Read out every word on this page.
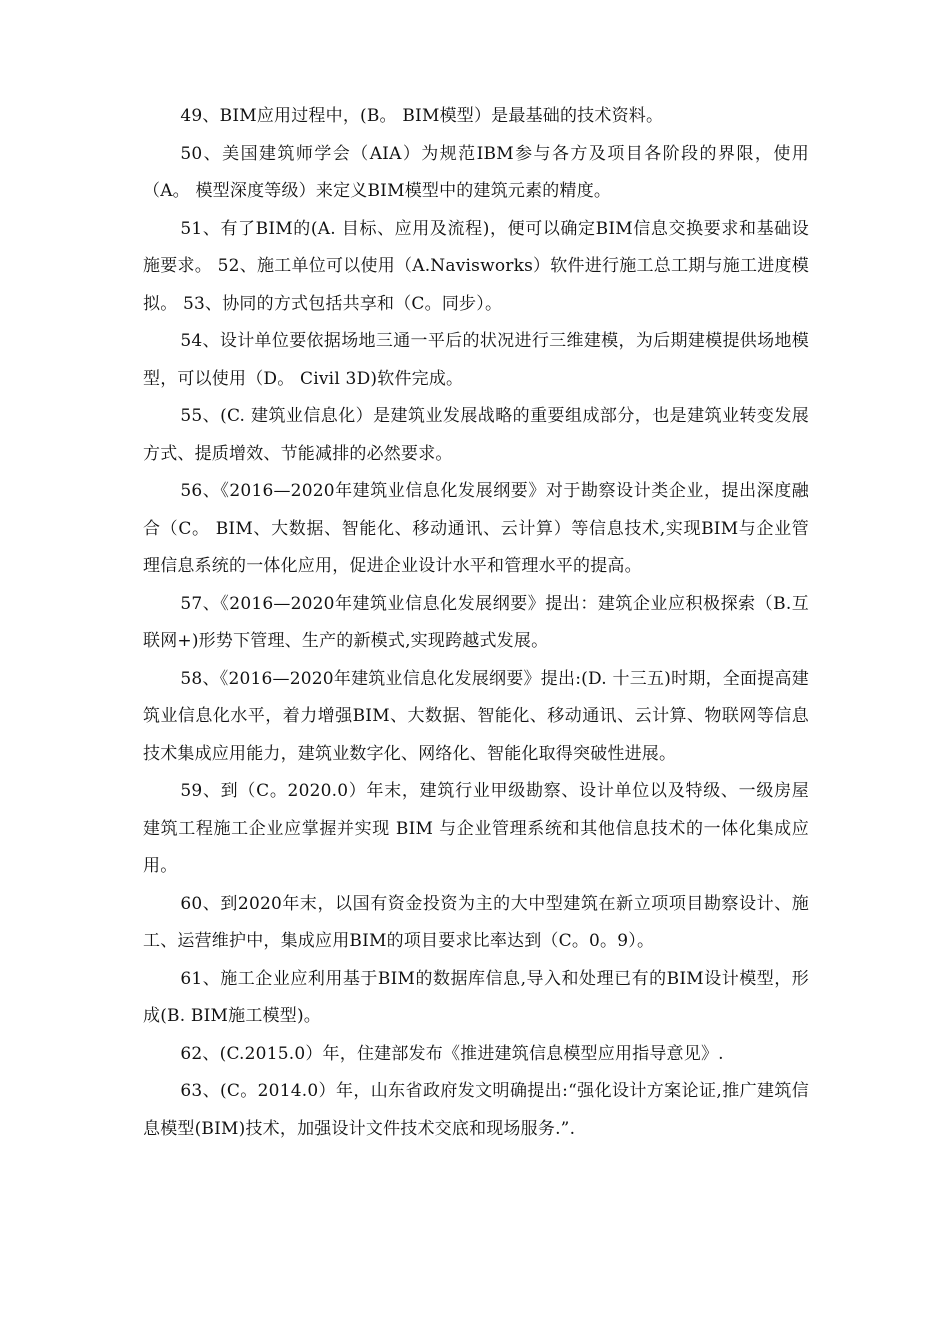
49、BIM应用过程中，(B。 BIM模型）是最基础的技术资料。

50、美国建筑师学会（AIA）为规范IBM参与各方及项目各阶段的界限，使用（A。 模型深度等级）来定义BIM模型中的建筑元素的精度。

51、有了BIM的(A. 目标、应用及流程)，便可以确定BIM信息交换要求和基础设施要求。 52、施工单位可以使用（A.Navisworks）软件进行施工总工期与施工进度模拟。 53、协同的方式包括共享和（C。同步）。

54、设计单位要依据场地三通一平后的状况进行三维建模，为后期建模提供场地模型，可以使用（D。 Civil 3D)软件完成。

55、(C. 建筑业信息化）是建筑业发展战略的重要组成部分，也是建筑业转变发展方式、提质增效、节能减排的必然要求。

56、《2016—2020年建筑业信息化发展纲要》对于勘察设计类企业，提出深度融合（C。 BIM、大数据、智能化、移动通讯、云计算）等信息技术,实现BIM与企业管理信息系统的一体化应用，促进企业设计水平和管理水平的提高。

57、《2016—2020年建筑业信息化发展纲要》提出：建筑企业应积极探索（B.互联网+)形势下管理、生产的新模式,实现跨越式发展。

58、《2016—2020年建筑业信息化发展纲要》提出:(D. 十三五)时期，全面提高建筑业信息化水平，着力增强BIM、大数据、智能化、移动通讯、云计算、物联网等信息技术集成应用能力，建筑业数字化、网络化、智能化取得突破性进展。

59、到（C。2020.0）年末，建筑行业甲级勘察、设计单位以及特级、一级房屋建筑工程施工企业应掌握并实现 BIM 与企业管理系统和其他信息技术的一体化集成应用。

60、到2020年末，以国有资金投资为主的大中型建筑在新立项项目勘察设计、施工、运营维护中，集成应用BIM的项目要求比率达到（C。0。9）。

61、施工企业应利用基于BIM的数据库信息,导入和处理已有的BIM设计模型，形成(B. BIM施工模型)。

62、(C.2015.0）年，住建部发布《推进建筑信息模型应用指导意见》.

63、(C。2014.0）年，山东省政府发文明确提出:“强化设计方案论证,推广建筑信息模型(BIM)技术，加强设计文件技术交底和现场服务.”.
